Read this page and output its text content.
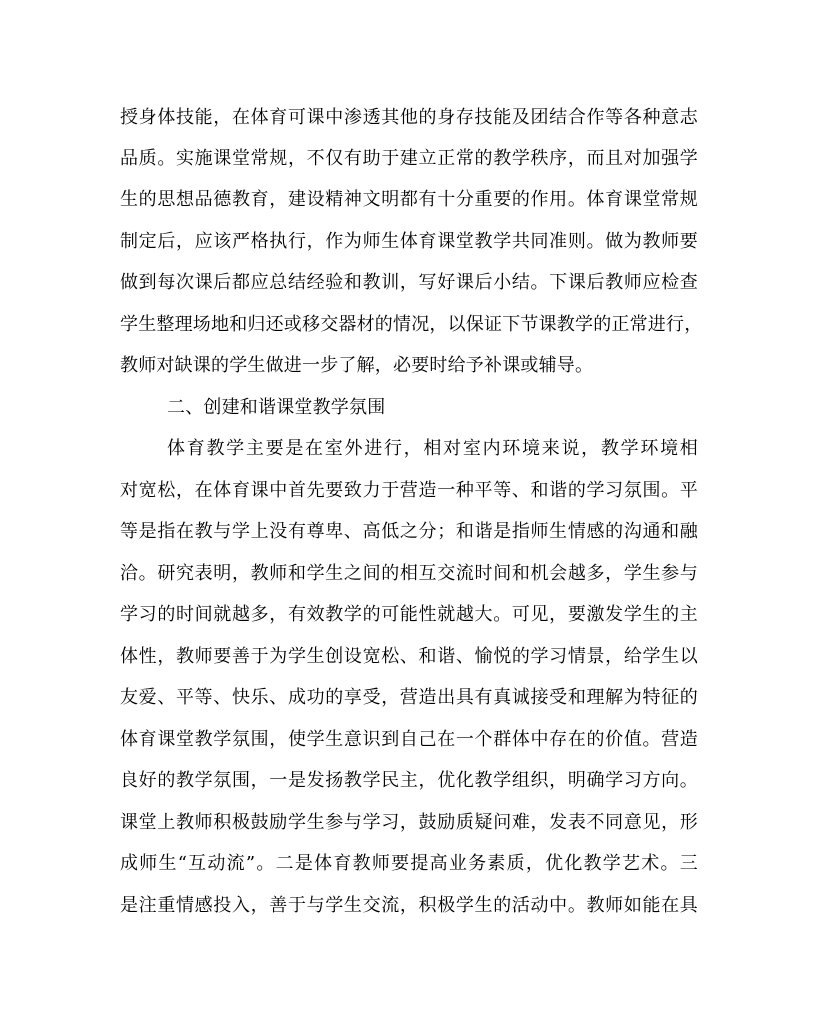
授身体技能，在体育可课中渗透其他的身存技能及团结合作等各种意志
品质。实施课堂常规，不仅有助于建立正常的教学秩序，而且对加强学
生的思想品德教育，建设精神文明都有十分重要的作用。体育课堂常规
制定后，应该严格执行，作为师生体育课堂教学共同准则。做为教师要
做到每次课后都应总结经验和教训，写好课后小结。下课后教师应检查
学生整理场地和归还或移交器材的情况，以保证下节课教学的正常进行，
教师对缺课的学生做进一步了解，必要时给予补课或辅导。
二、创建和谐课堂教学氛围
体育教学主要是在室外进行，相对室内环境来说，教学环境相
对宽松，在体育课中首先要致力于营造一种平等、和谐的学习氛围。平
等是指在教与学上没有尊卑、高低之分；和谐是指师生情感的沟通和融
洽。研究表明，教师和学生之间的相互交流时间和机会越多，学生参与
学习的时间就越多，有效教学的可能性就越大。可见，要激发学生的主
体性，教师要善于为学生创设宽松、和谐、愉悦的学习情景，给学生以
友爱、平等、快乐、成功的享受，营造出具有真诚接受和理解为特征的
体育课堂教学氛围，使学生意识到自己在一个群体中存在的价值。营造
良好的教学氛围，一是发扬教学民主，优化教学组织，明确学习方向。
课堂上教师积极鼓励学生参与学习，鼓励质疑问难，发表不同意见，形
成师生“互动流”。二是体育教师要提高业务素质，优化教学艺术。三
是注重情感投入，善于与学生交流，积极学生的活动中。教师如能在具
